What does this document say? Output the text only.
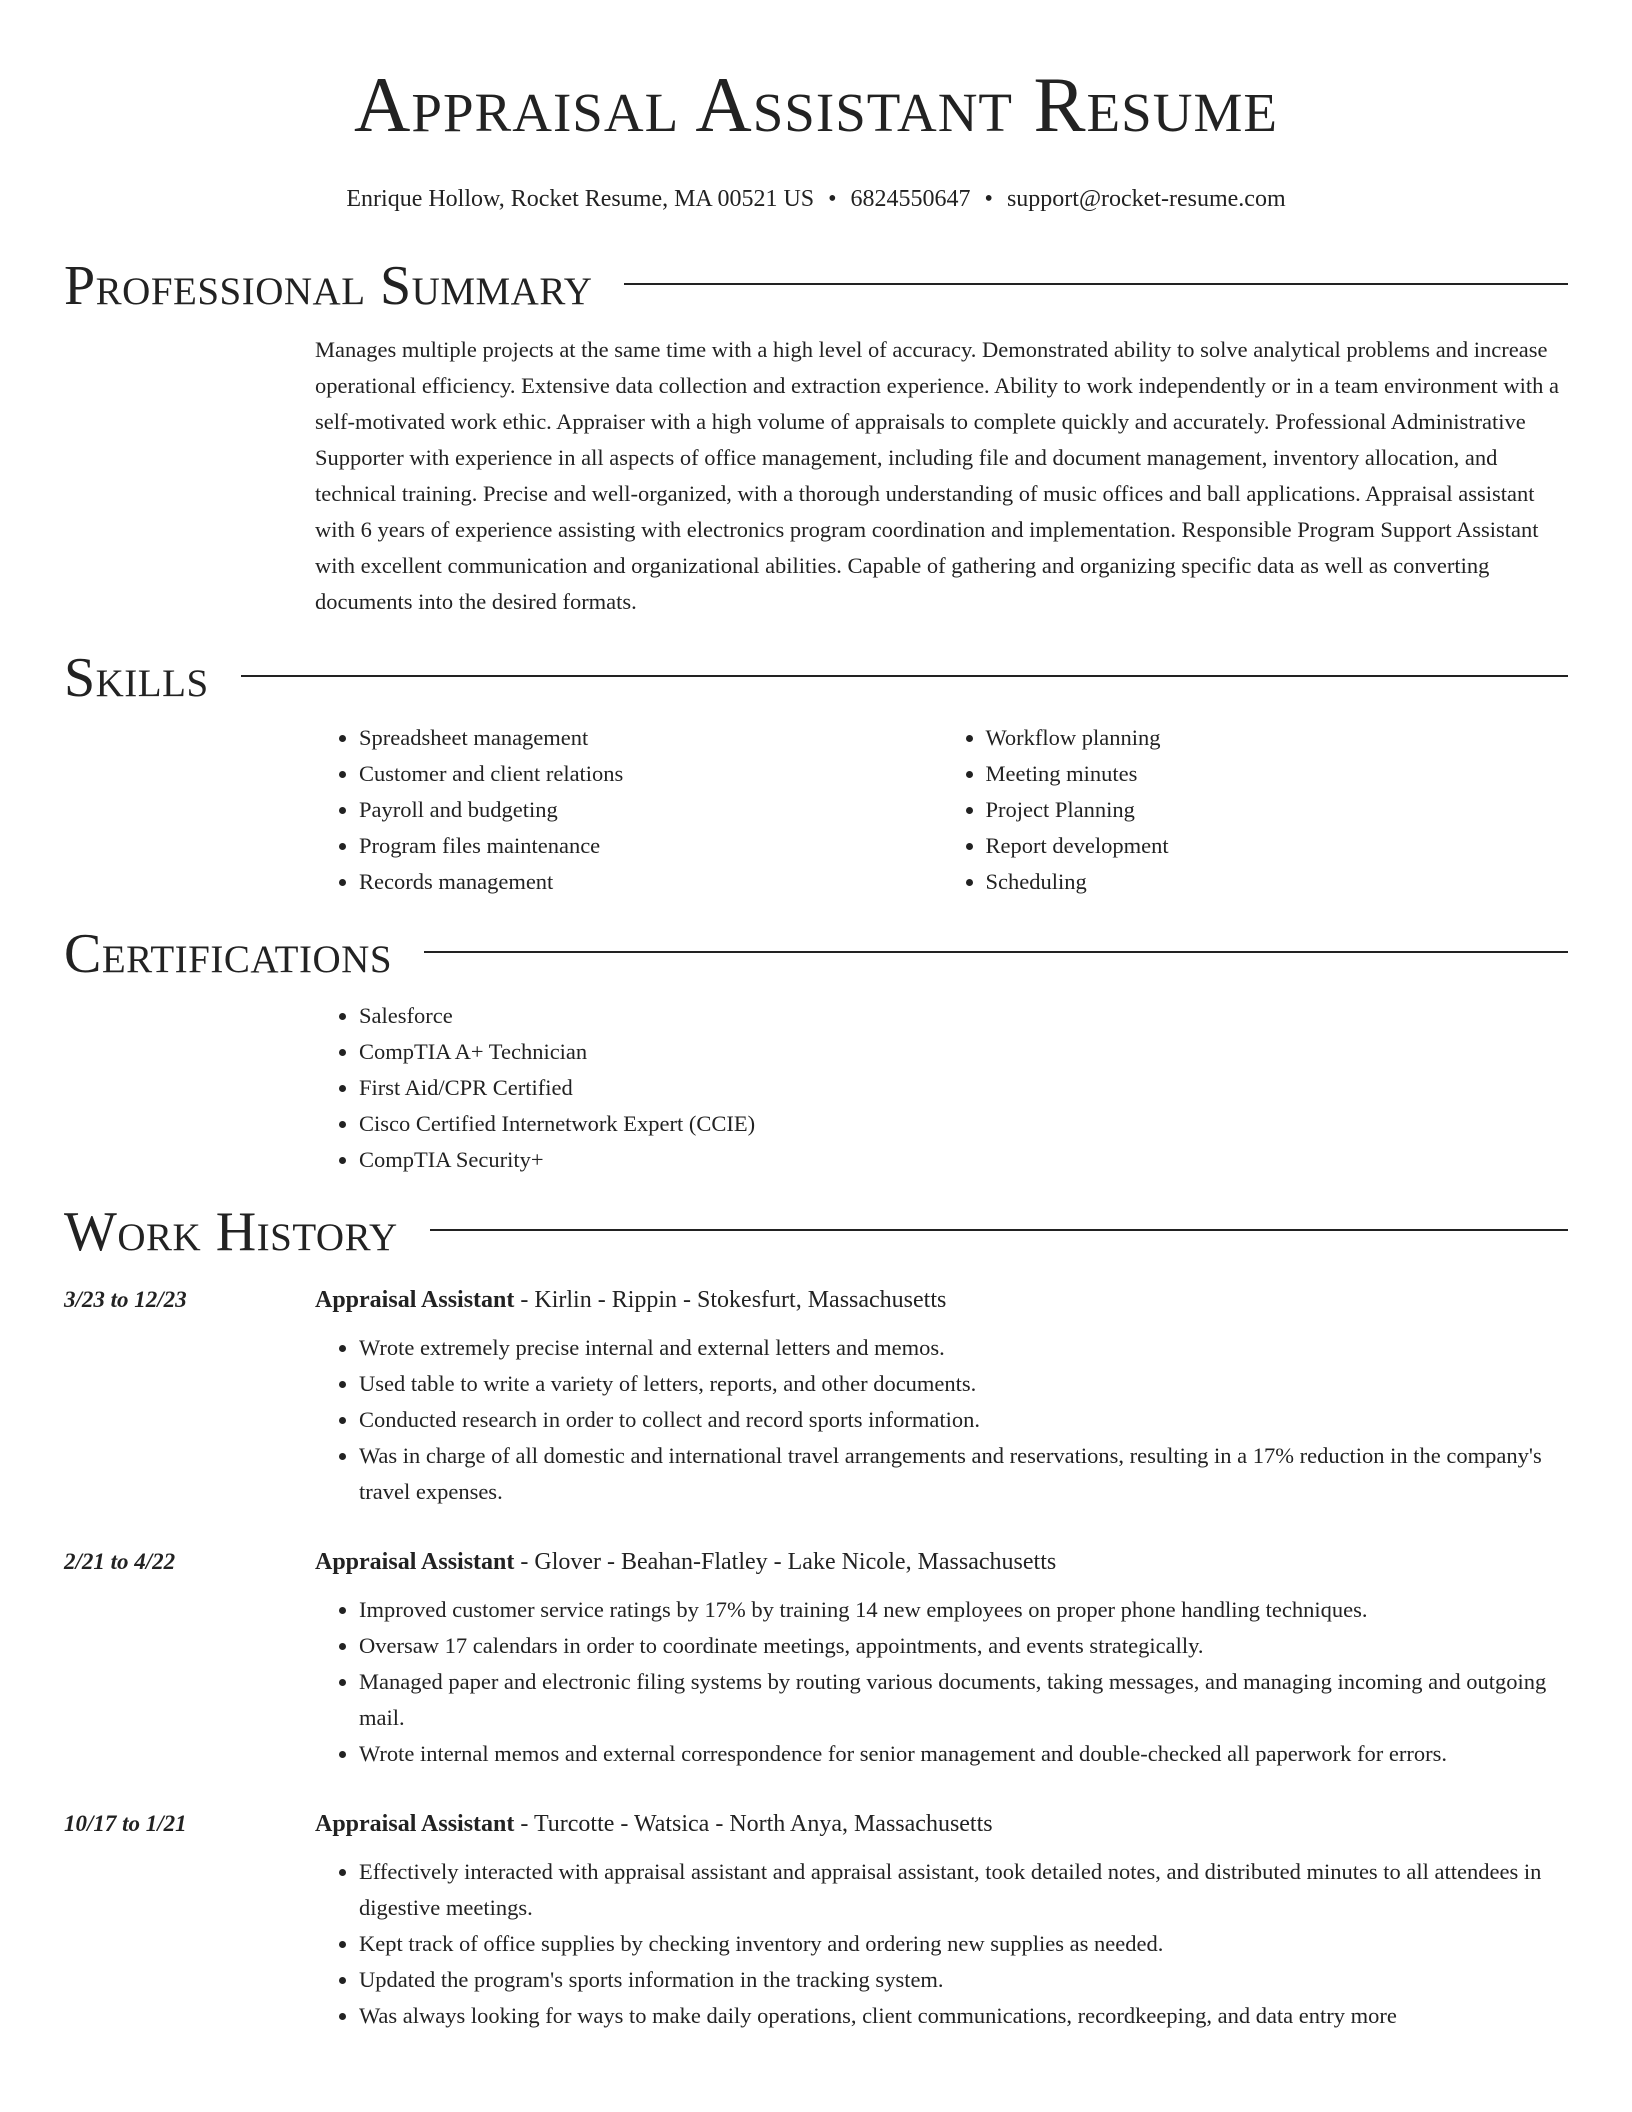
Appraisal Assistant Resume
Enrique Hollow, Rocket Resume, MA 00521 US • 6824550647 • support@rocket-resume.com
Professional Summary
Manages multiple projects at the same time with a high level of accuracy. Demonstrated ability to solve analytical problems and increase operational efficiency. Extensive data collection and extraction experience. Ability to work independently or in a team environment with a self-motivated work ethic. Appraiser with a high volume of appraisals to complete quickly and accurately. Professional Administrative Supporter with experience in all aspects of office management, including file and document management, inventory allocation, and technical training. Precise and well-organized, with a thorough understanding of music offices and ball applications. Appraisal assistant with 6 years of experience assisting with electronics program coordination and implementation. Responsible Program Support Assistant with excellent communication and organizational abilities. Capable of gathering and organizing specific data as well as converting documents into the desired formats.
Skills
• Spreadsheet management
• Customer and client relations
• Payroll and budgeting
• Program files maintenance
• Records management
• Workflow planning
• Meeting minutes
• Project Planning
• Report development
• Scheduling
Certifications
• Salesforce
• CompTIA A+ Technician
• First Aid/CPR Certified
• Cisco Certified Internetwork Expert (CCIE)
• CompTIA Security+
Work History
3/23 to 12/23	Appraisal Assistant - Kirlin - Rippin - Stokesfurt, Massachusetts
• Wrote extremely precise internal and external letters and memos.
• Used table to write a variety of letters, reports, and other documents.
• Conducted research in order to collect and record sports information.
• Was in charge of all domestic and international travel arrangements and reservations, resulting in a 17% reduction in the company's travel expenses.
2/21 to 4/22	Appraisal Assistant - Glover - Beahan-Flatley - Lake Nicole, Massachusetts
• Improved customer service ratings by 17% by training 14 new employees on proper phone handling techniques.
• Oversaw 17 calendars in order to coordinate meetings, appointments, and events strategically.
• Managed paper and electronic filing systems by routing various documents, taking messages, and managing incoming and outgoing mail.
• Wrote internal memos and external correspondence for senior management and double-checked all paperwork for errors.
10/17 to 1/21	Appraisal Assistant - Turcotte - Watsica - North Anya, Massachusetts
• Effectively interacted with appraisal assistant and appraisal assistant, took detailed notes, and distributed minutes to all attendees in digestive meetings.
• Kept track of office supplies by checking inventory and ordering new supplies as needed.
• Updated the program's sports information in the tracking system.
• Was always looking for ways to make daily operations, client communications, recordkeeping, and data entry more
